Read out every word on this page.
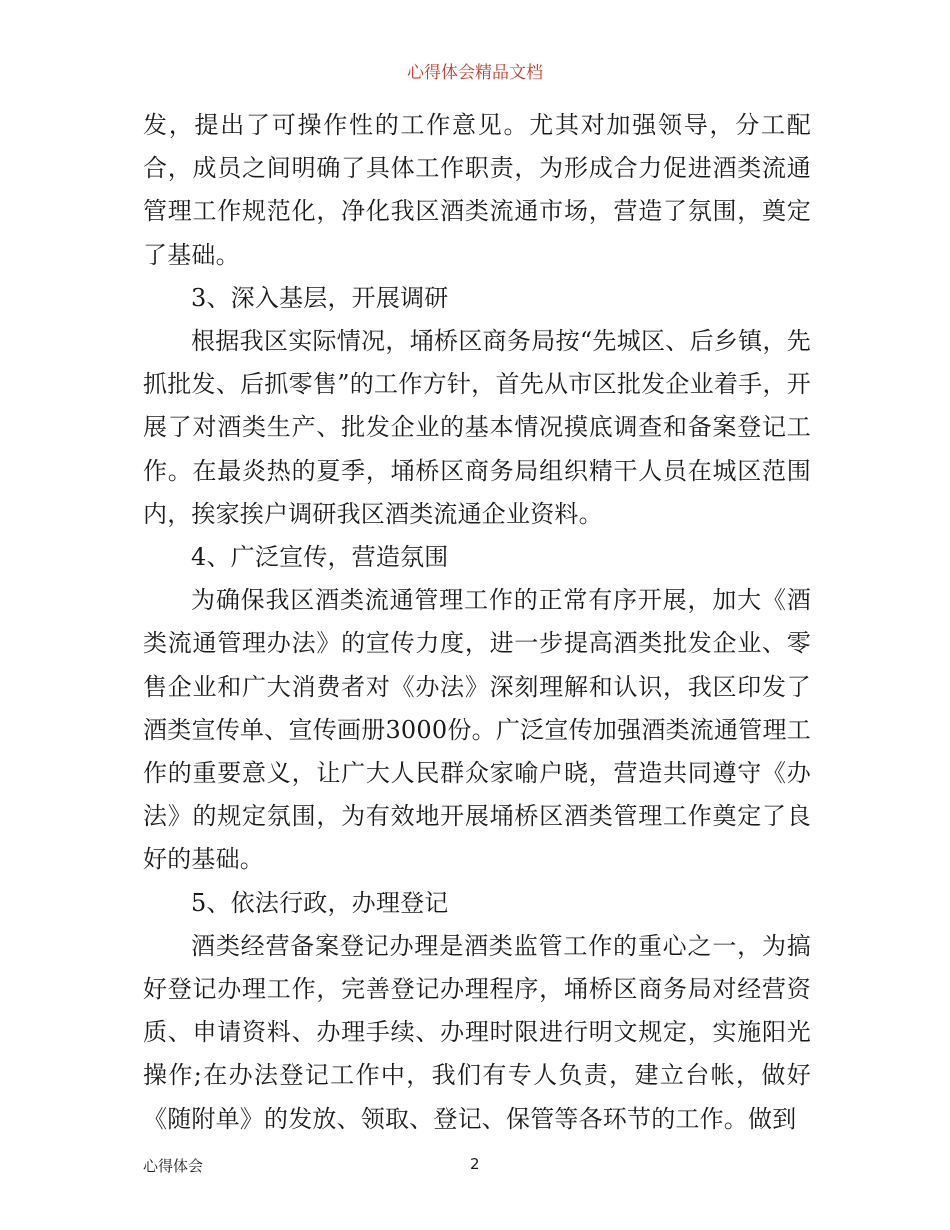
心得体会精品文档

发，提出了可操作性的工作意见。尤其对加强领导，分工配合，成员之间明确了具体工作职责，为形成合力促进酒类流通管理工作规范化，净化我区酒类流通市场，营造了氛围，奠定了基础。

3、深入基层，开展调研

根据我区实际情况，埇桥区商务局按“先城区、后乡镇，先抓批发、后抓零售”的工作方针，首先从市区批发企业着手，开展了对酒类生产、批发企业的基本情况摸底调查和备案登记工作。在最炎热的夏季，埇桥区商务局组织精干人员在城区范围内，挨家挨户调研我区酒类流通企业资料。

4、广泛宣传，营造氛围

为确保我区酒类流通管理工作的正常有序开展，加大《酒类流通管理办法》的宣传力度，进一步提高酒类批发企业、零售企业和广大消费者对《办法》深刻理解和认识，我区印发了酒类宣传单、宣传画册3000份。广泛宣传加强酒类流通管理工作的重要意义，让广大人民群众家喻户晓，营造共同遵守《办法》的规定氛围，为有效地开展埇桥区酒类管理工作奠定了良好的基础。

5、依法行政，办理登记

酒类经营备案登记办理是酒类监管工作的重心之一，为搞好登记办理工作，完善登记办理程序，埇桥区商务局对经营资质、申请资料、办理手续、办理时限进行明文规定，实施阳光操作;在办法登记工作中，我们有专人负责，建立台帐，做好《随附单》的发放、领取、登记、保管等各环节的工作。做到

心得体会	2
